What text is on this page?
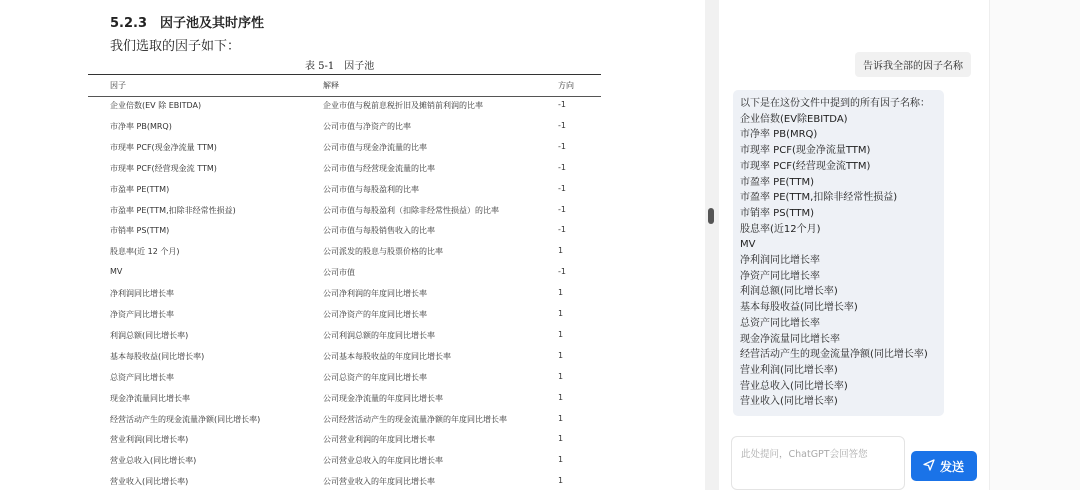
5.2.3　因子池及其时序性
我们选取的因子如下：
表 5-1　因子池
因子	解释	方向
企业倍数(EV 除 EBITDA)	企业市值与税前息税折旧及摊销前利润的比率	-1
市净率 PB(MRQ)	公司市值与净资产的比率	-1
市现率 PCF(现金净流量 TTM)	公司市值与现金净流量的比率	-1
市现率 PCF(经营现金流 TTM)	公司市值与经营现金流量的比率	-1
市盈率 PE(TTM)	公司市值与每股盈利的比率	-1
市盈率 PE(TTM,扣除非经常性损益)	公司市值与每股盈利（扣除非经常性损益）的比率	-1
市销率 PS(TTM)	公司市值与每股销售收入的比率	-1
股息率(近 12 个月)	公司派发的股息与股票价格的比率	1
MV	公司市值	-1
净利润同比增长率	公司净利润的年度同比增长率	1
净资产同比增长率	公司净资产的年度同比增长率	1
利润总额(同比增长率)	公司利润总额的年度同比增长率	1
基本每股收益(同比增长率)	公司基本每股收益的年度同比增长率	1
总资产同比增长率	公司总资产的年度同比增长率	1
现金净流量同比增长率	公司现金净流量的年度同比增长率	1
经营活动产生的现金流量净额(同比增长率)	公司经营活动产生的现金流量净额的年度同比增长率	1
营业利润(同比增长率)	公司营业利润的年度同比增长率	1
营业总收入(同比增长率)	公司营业总收入的年度同比增长率	1
营业收入(同比增长率)	公司营业收入的年度同比增长率	1
告诉我全部的因子名称
以下是在这份文件中提到的所有因子名称：
企业倍数(EV除EBITDA)
市净率 PB(MRQ)
市现率 PCF(现金净流量TTM)
市现率 PCF(经营现金流TTM)
市盈率 PE(TTM)
市盈率 PE(TTM,扣除非经常性损益)
市销率 PS(TTM)
股息率(近12个月)
MV
净利润同比增长率
净资产同比增长率
利润总额(同比增长率)
基本每股收益(同比增长率)
总资产同比增长率
现金净流量同比增长率
经营活动产生的现金流量净额(同比增长率)
营业利润(同比增长率)
营业总收入(同比增长率)
营业收入(同比增长率)
此处提问，ChatGPT会回答您
发送
